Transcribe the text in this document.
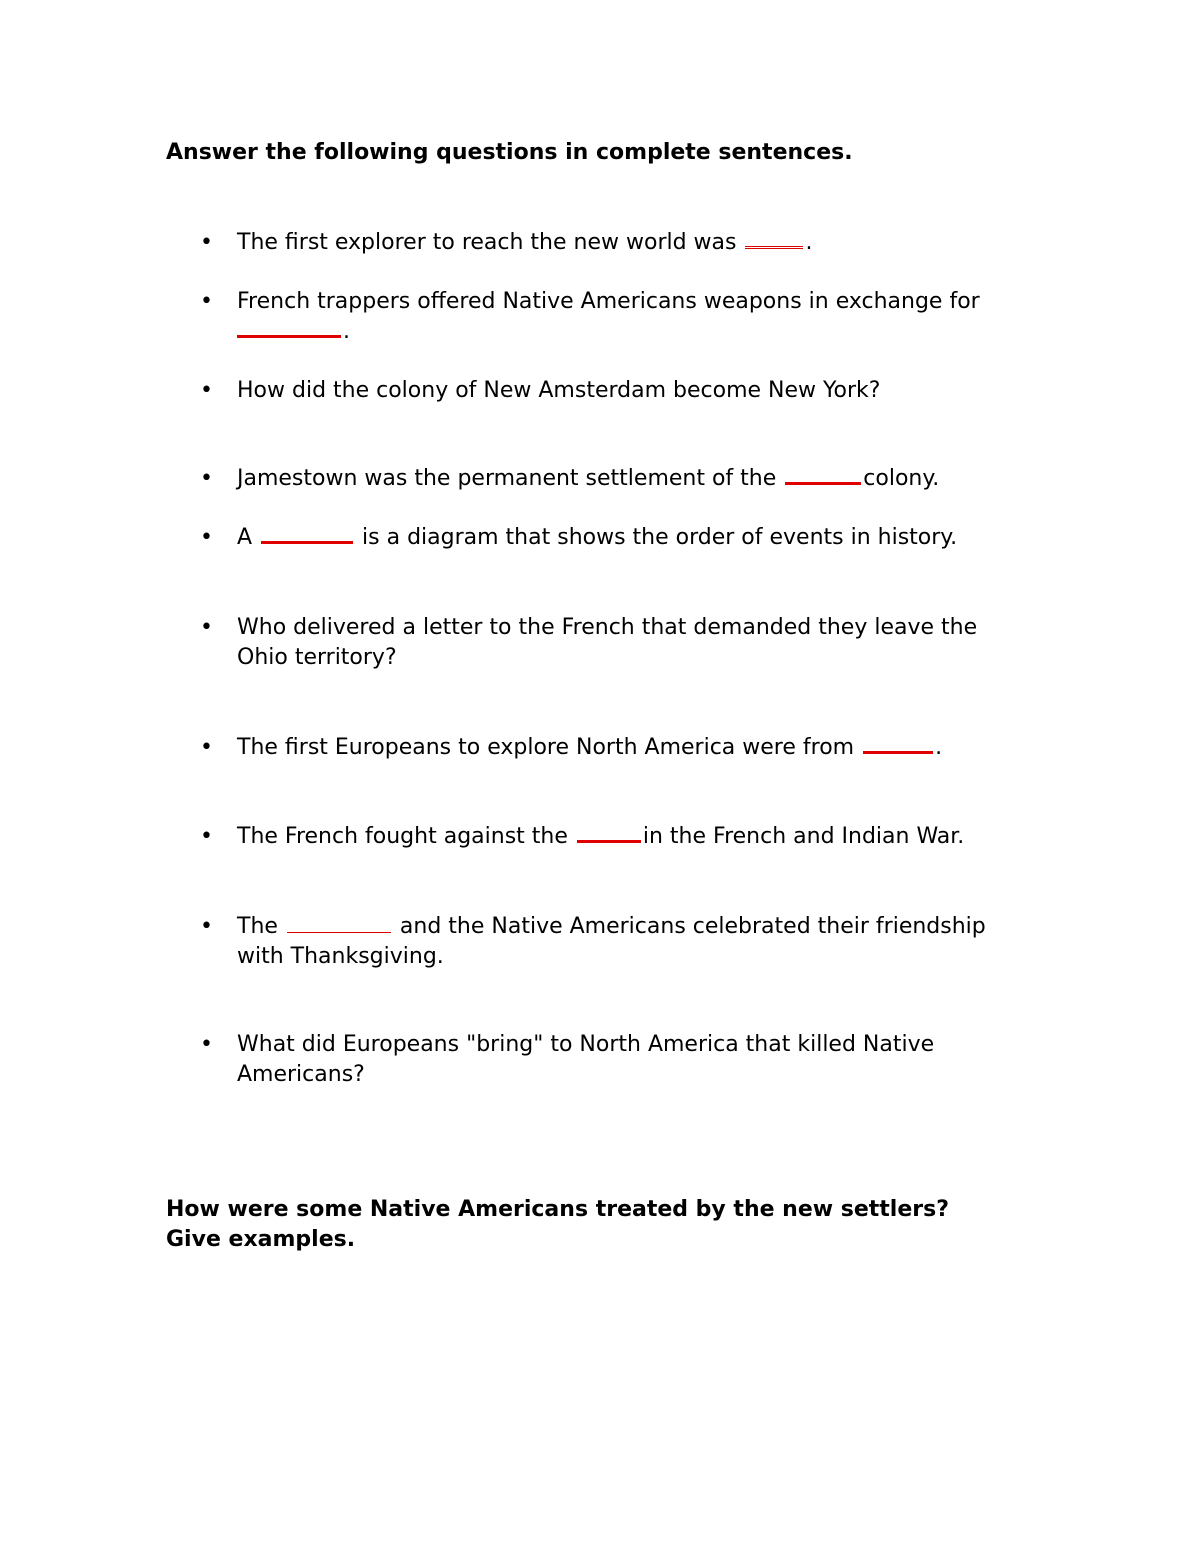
Answer the following questions in complete sentences.
• The first explorer to reach the new world was	.
• French trappers offered Native Americans weapons in exchange for
.
• How did the colony of New Amsterdam become New York?
• Jamestown was the permanent settlement of the	colony.
• A	is a diagram that shows the order of events in history.
• Who delivered a letter to the French that demanded they leave the
Ohio territory?
• The first Europeans to explore North America were from	.
• The French fought against the	in the French and Indian War.
• The	and the Native Americans celebrated their friendship
with Thanksgiving.
• What did Europeans "bring" to North America that killed Native
Americans?
How were some Native Americans treated by the new settlers?
Give examples.
